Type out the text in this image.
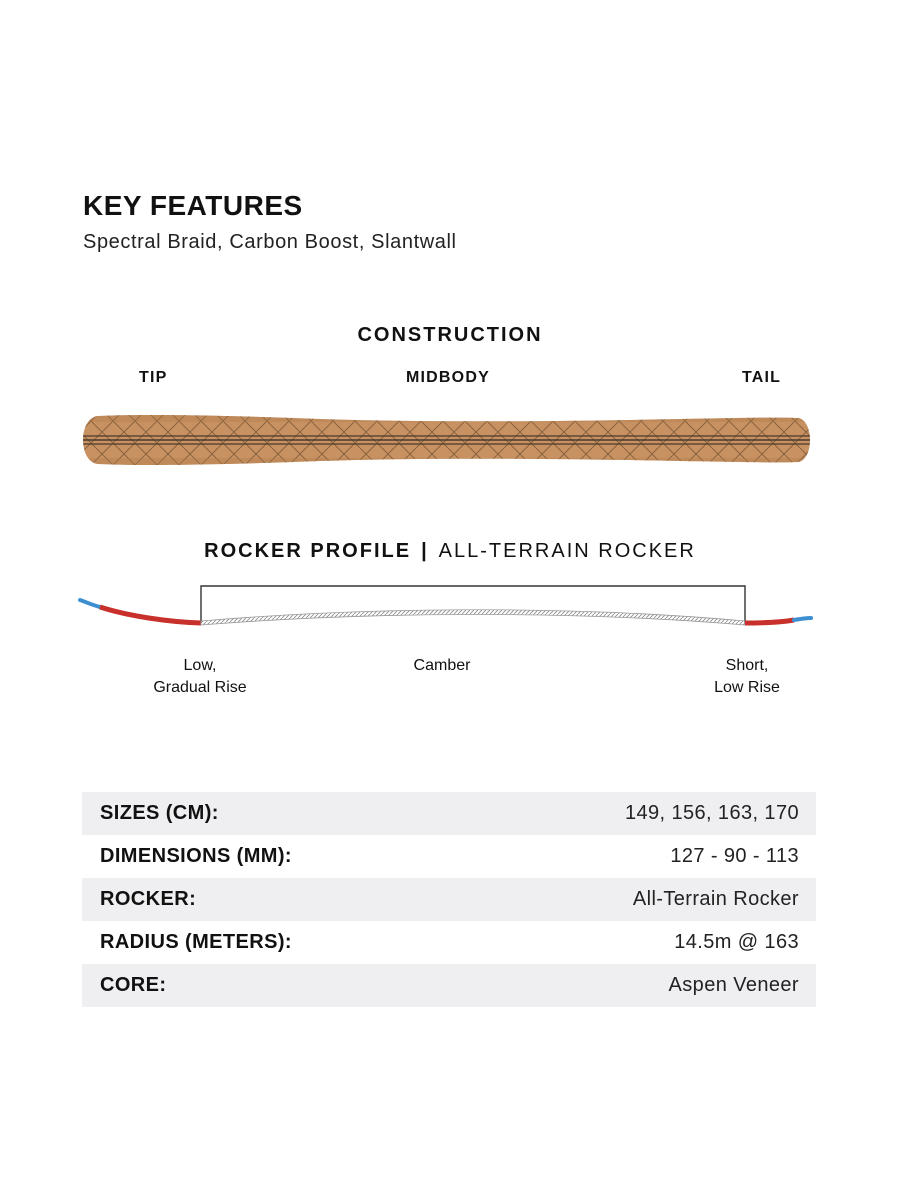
KEY FEATURES
Spectral Braid, Carbon Boost, Slantwall
CONSTRUCTION
TIP	MIDBODY	TAIL
ROCKER PROFILE | ALL-TERRAIN ROCKER
Low,
Gradual Rise
Camber	Short,
Low Rise
SIZES (CM):	149, 156, 163, 170
DIMENSIONS (MM):	127 - 90 - 113
ROCKER:	All-Terrain Rocker
RADIUS (METERS):	14.5m @ 163
CORE:	Aspen Veneer
